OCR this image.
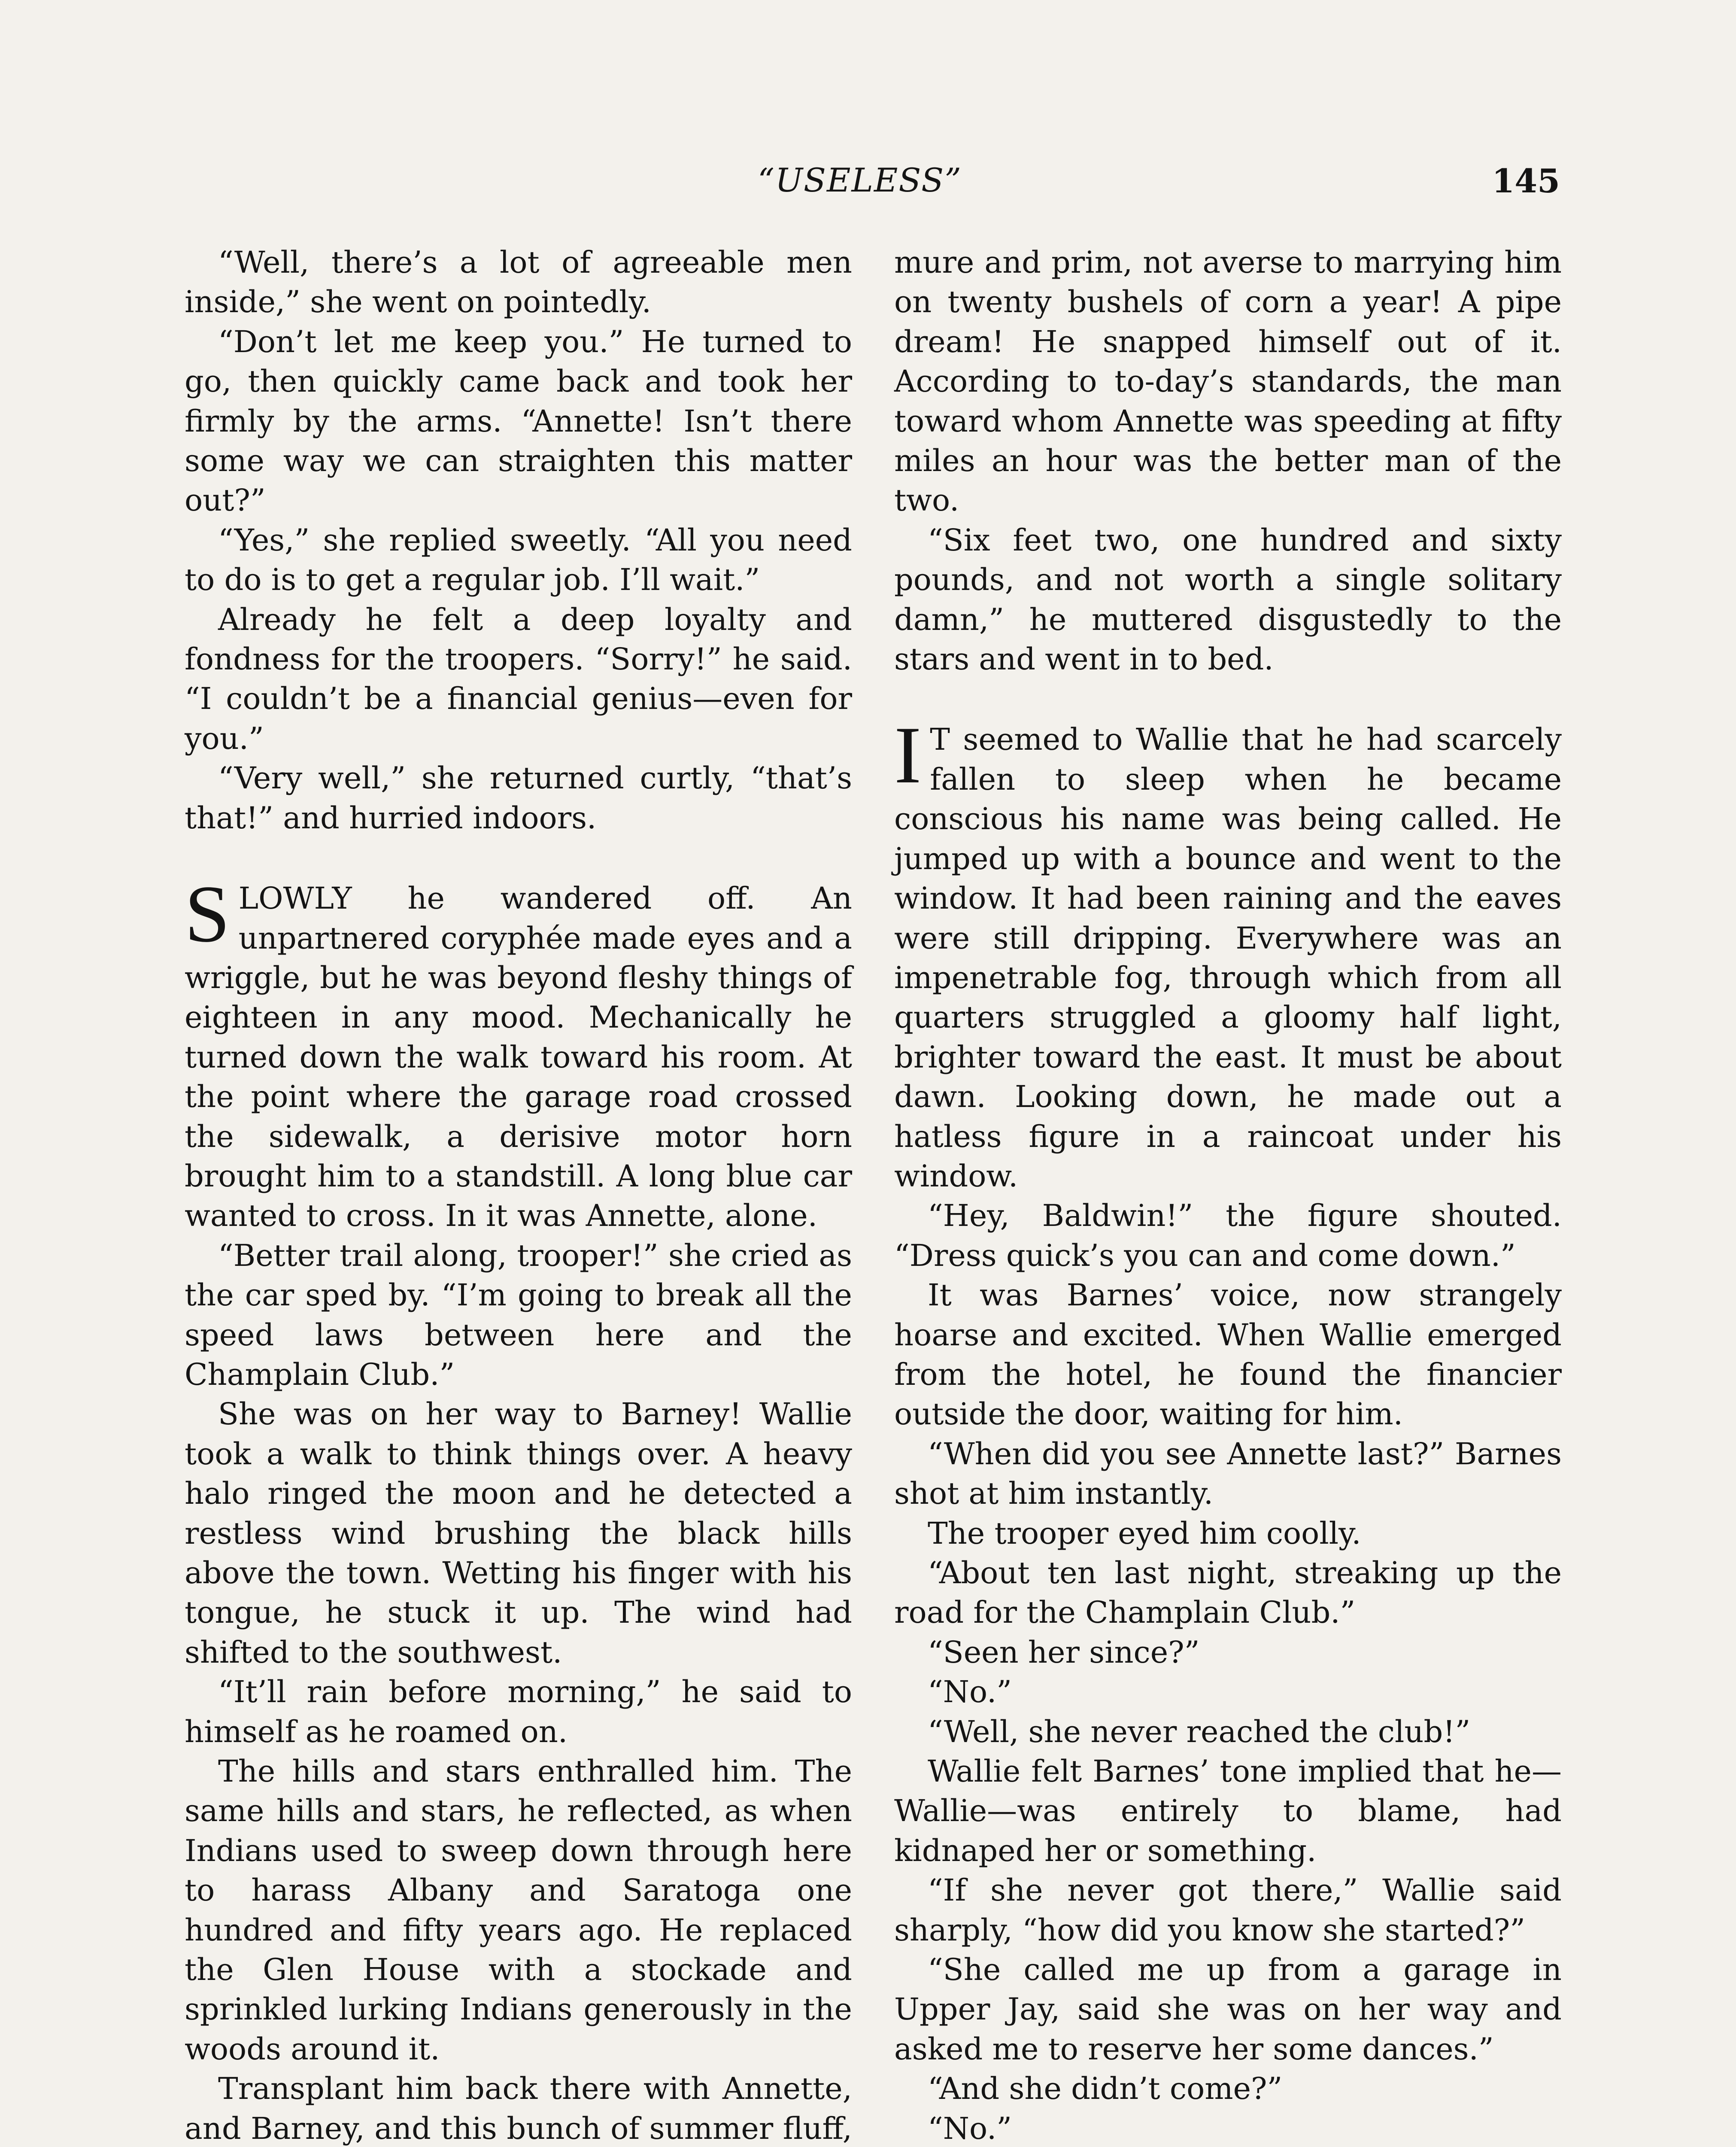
“USELESS”	145

“Well, there’s a lot of agreeable men inside,” she went on pointedly.

“Don’t let me keep you.” He turned to go, then quickly came back and took her firmly by the arms. “Annette! Isn’t there some way we can straighten this matter out?”

“Yes,” she replied sweetly. “All you need to do is to get a regular job. I’ll wait.”

Already he felt a deep loyalty and fondness for the troopers. “Sorry!” he said. “I couldn’t be a financial genius—even for you.”

“Very well,” she returned curtly, “that’s that!” and hurried indoors.

S LOWLY he wandered off. An unpartnered coryphée made eyes and a wriggle, but he was beyond fleshy things of eighteen in any mood. Mechanically he turned down the walk toward his room. At the point where the garage road crossed the sidewalk, a derisive motor horn brought him to a standstill. A long blue car wanted to cross. In it was Annette, alone.

“Better trail along, trooper!” she cried as the car sped by. “I’m going to break all the speed laws between here and the Champlain Club.”

She was on her way to Barney! Wallie took a walk to think things over. A heavy halo ringed the moon and he detected a restless wind brushing the black hills above the town. Wetting his finger with his tongue, he stuck it up. The wind had shifted to the southwest.

“It’ll rain before morning,” he said to himself as he roamed on.

The hills and stars enthralled him. The same hills and stars, he reflected, as when Indians used to sweep down through here to harass Albany and Saratoga one hundred and fifty years ago. He replaced the Glen House with a stockade and sprinkled lurking Indians generously in the woods around it.

Transplant him back there with Annette, and Barney, and this bunch of summer fluff,

mure and prim, not averse to marrying him on twenty bushels of corn a year! A pipe dream! He snapped himself out of it. According to to-day’s standards, the man toward whom Annette was speeding at fifty miles an hour was the better man of the two.

“Six feet two, one hundred and sixty pounds, and not worth a single solitary damn,” he muttered disgustedly to the stars and went in to bed.

I T seemed to Wallie that he had scarcely fallen to sleep when he became conscious his name was being called. He jumped up with a bounce and went to the window. It had been raining and the eaves were still dripping. Everywhere was an impenetrable fog, through which from all quarters struggled a gloomy half light, brighter toward the east. It must be about dawn. Looking down, he made out a hatless figure in a raincoat under his window.

“Hey, Baldwin!” the figure shouted. “Dress quick’s you can and come down.”

It was Barnes’ voice, now strangely hoarse and excited. When Wallie emerged from the hotel, he found the financier outside the door, waiting for him.

“When did you see Annette last?” Barnes shot at him instantly.

The trooper eyed him coolly.

“About ten last night, streaking up the road for the Champlain Club.”

“Seen her since?”

“No.”

“Well, she never reached the club!”

Wallie felt Barnes’ tone implied that he—Wallie—was entirely to blame, had kidnaped her or something.

“If she never got there,” Wallie said sharply, “how did you know she started?”

“She called me up from a garage in Upper Jay, said she was on her way and asked me to reserve her some dances.”

“And she didn’t come?”

“No.”
